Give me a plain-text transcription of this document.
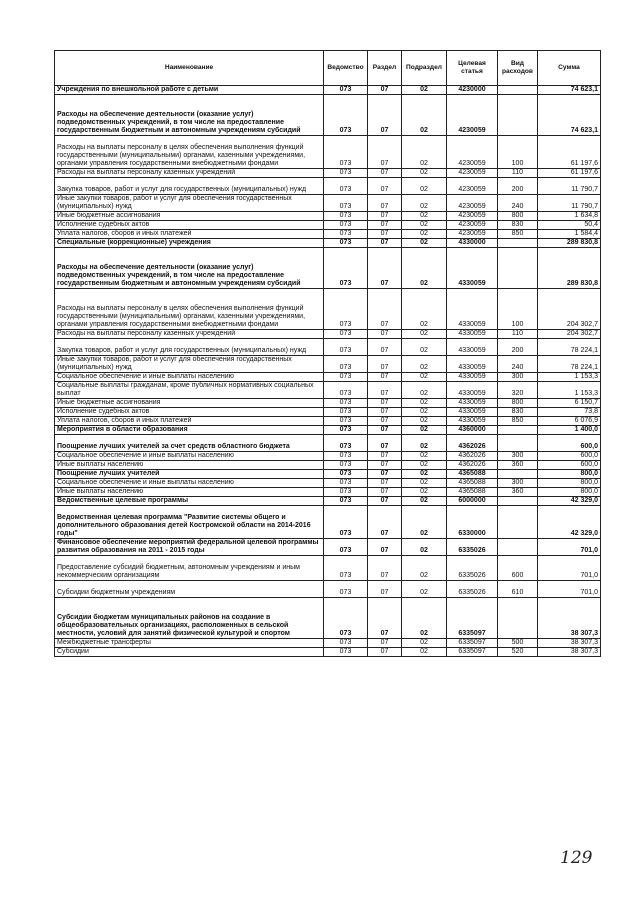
Наименование	Ведомство	Раздел	Подраздел	Целевая статья	Вид расходов	Сумма
Учреждения по внешкольной работе с детьми	073	07	02	4230000		74 623,1
Расходы на обеспечение деятельности (оказание услуг) подведомственных учреждений, в том числе на предоставление государственным бюджетным и автономным учреждениям субсидий	073	07	02	4230059		74 623,1
Расходы на выплаты персоналу в целях обеспечения выполнения функций государственными (муниципальными) органами, казенными учреждениями, органами управления государственными внебюджетными фондами	073	07	02	4230059	100	61 197,6
Расходы на выплаты персоналу казенных учреждений	073	07	02	4230059	110	61 197,6
Закупка товаров, работ и услуг для государственных (муниципальных) нужд	073	07	02	4230059	200	11 790,7
Иные закупки товаров, работ и услуг для обеспечения государственных (муниципальных) нужд	073	07	02	4230059	240	11 790,7
Иные бюджетные ассигнования	073	07	02	4230059	800	1 634,8
Исполнение судебных актов	073	07	02	4230059	830	50,4
Уплата налогов, сборов и иных платежей	073	07	02	4230059	850	1 584,4
Специальные (коррекционные) учреждения	073	07	02	4330000		289 830,8
Расходы на обеспечение деятельности (оказание услуг) подведомственных учреждений, в том числе на предоставление государственным бюджетным и автономным учреждениям субсидий	073	07	02	4330059		289 830,8
Расходы на выплаты персоналу в целях обеспечения выполнения функций государственными (муниципальными) органами, казенными учреждениями, органами управления государственными внебюджетными фондами	073	07	02	4330059	100	204 302,7
Расходы на выплаты персоналу казенных учреждений	073	07	02	4330059	110	204 302,7
Закупка товаров, работ и услуг для государственных (муниципальных) нужд	073	07	02	4330059	200	78 224,1
Иные закупки товаров, работ и услуг для обеспечения государственных (муниципальных) нужд	073	07	02	4330059	240	78 224,1
Социальное обеспечение и иные выплаты населению	073	07	02	4330059	300	1 153,3
Социальные выплаты гражданам, кроме публичных нормативных социальных выплат	073	07	02	4330059	320	1 153,3
Иные бюджетные ассигнования	073	07	02	4330059	800	6 150,7
Исполнение судебных актов	073	07	02	4330059	830	73,8
Уплата налогов, сборов и иных платежей	073	07	02	4330059	850	6 076,9
Мероприятия в области образования	073	07	02	4360000		1 400,0
Поощрение лучших учителей за счет средств областного бюджета	073	07	02	4362026		600,0
Социальное обеспечение и иные выплаты населению	073	07	02	4362026	300	600,0
Иные выплаты населению	073	07	02	4362026	360	600,0
Поощрение лучших учителей	073	07	02	4365088		800,0
Социальное обеспечение и иные выплаты населению	073	07	02	4365088	300	800,0
Иные выплаты населению	073	07	02	4365088	360	800,0
Ведомственные целевые программы	073	07	02	6000000		42 329,0
Ведомственная целевая программа "Развитие системы общего и дополнительного образования детей Костромской области на 2014-2016 годы"	073	07	02	6330000		42 329,0
Финансовое обеспечение мероприятий федеральной целевой программы развития образования на 2011 - 2015 годы	073	07	02	6335026		701,0
Предоставление субсидий бюджетным, автономным учреждениям и иным некоммерческим организациям	073	07	02	6335026	600	701,0
Субсидии бюджетным учреждениям	073	07	02	6335026	610	701,0
Субсидии бюджетам муниципальных районов на создание в общеобразовательных организациях, расположенных в сельской местности, условий для занятий физической культурой и спортом	073	07	02	6335097		38 307,3
Межбюджетные трансферты	073	07	02	6335097	500	38 307,3
Субсидии	073	07	02	6335097	520	38 307,3
129
